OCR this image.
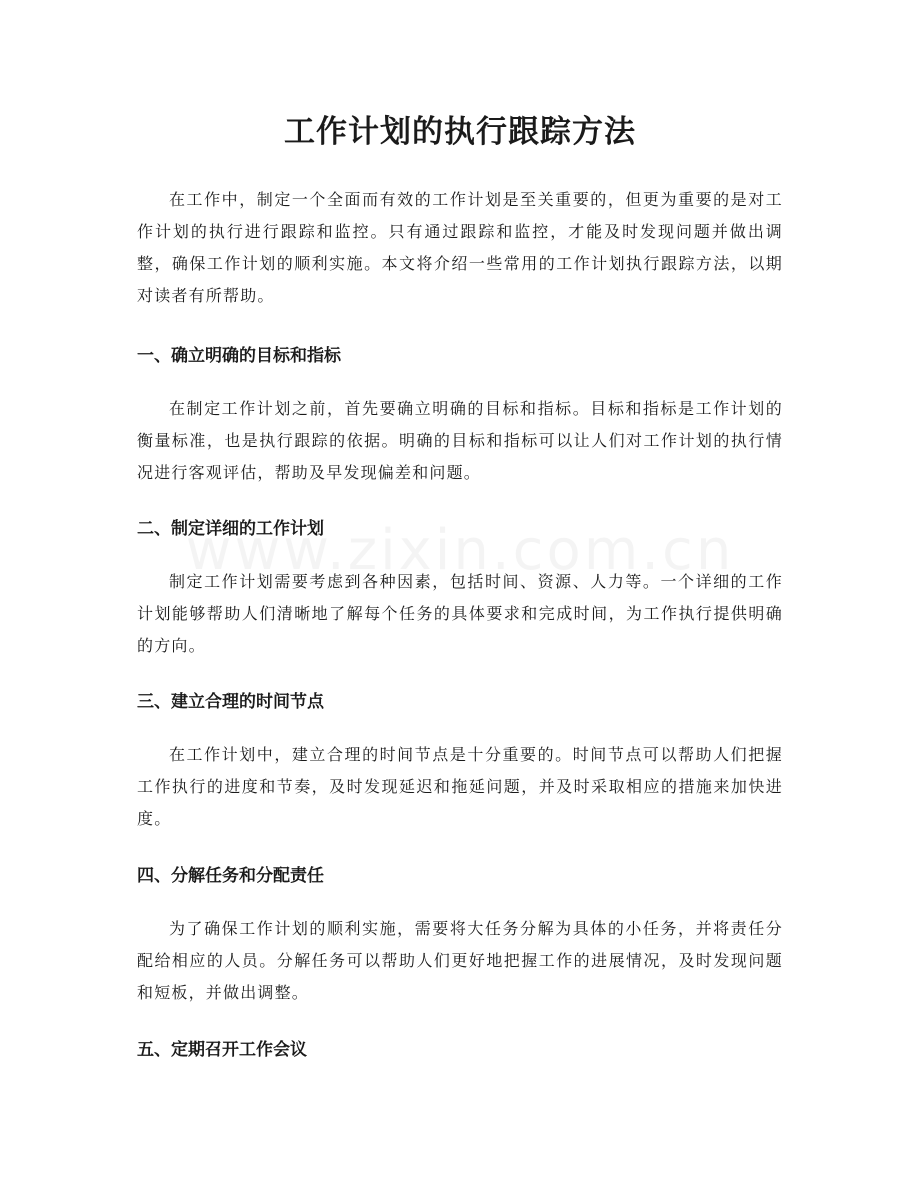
工作计划的执行跟踪方法

在工作中，制定一个全面而有效的工作计划是至关重要的，但更为重要的是对工作计划的执行进行跟踪和监控。只有通过跟踪和监控，才能及时发现问题并做出调整，确保工作计划的顺利实施。本文将介绍一些常用的工作计划执行跟踪方法，以期对读者有所帮助。

一、确立明确的目标和指标

在制定工作计划之前，首先要确立明确的目标和指标。目标和指标是工作计划的衡量标准，也是执行跟踪的依据。明确的目标和指标可以让人们对工作计划的执行情况进行客观评估，帮助及早发现偏差和问题。

二、制定详细的工作计划

制定工作计划需要考虑到各种因素，包括时间、资源、人力等。一个详细的工作计划能够帮助人们清晰地了解每个任务的具体要求和完成时间，为工作执行提供明确的方向。

三、建立合理的时间节点

在工作计划中，建立合理的时间节点是十分重要的。时间节点可以帮助人们把握工作执行的进度和节奏，及时发现延迟和拖延问题，并及时采取相应的措施来加快进度。

四、分解任务和分配责任

为了确保工作计划的顺利实施，需要将大任务分解为具体的小任务，并将责任分配给相应的人员。分解任务可以帮助人们更好地把握工作的进展情况，及时发现问题和短板，并做出调整。

五、定期召开工作会议
